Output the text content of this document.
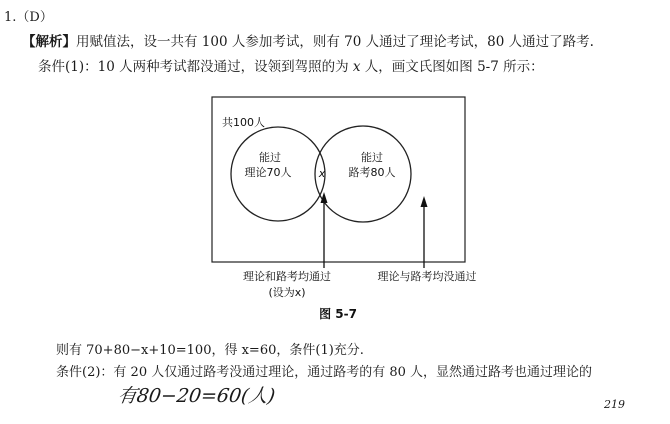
1.（D）
【解析】用赋值法，设一共有 100 人参加考试，则有 70 人通过了理论考试，80 人通过了路考.
条件(1)：10 人两种考试都没通过，设领到驾照的为 x 人，画文氏图如图 5-7 所示：
共100人
能过
理论70人 x
能过
路考80人
理论和路考均通过
(设为x)
理论与路考均没通过
图 5-7
则有 70+80−x+10=100，得 x=60，条件(1)充分.
条件(2)：有 20 人仅通过路考没通过理论，通过路考的有 80 人，显然通过路考也通过理论的
有80−20=60(人)	219
